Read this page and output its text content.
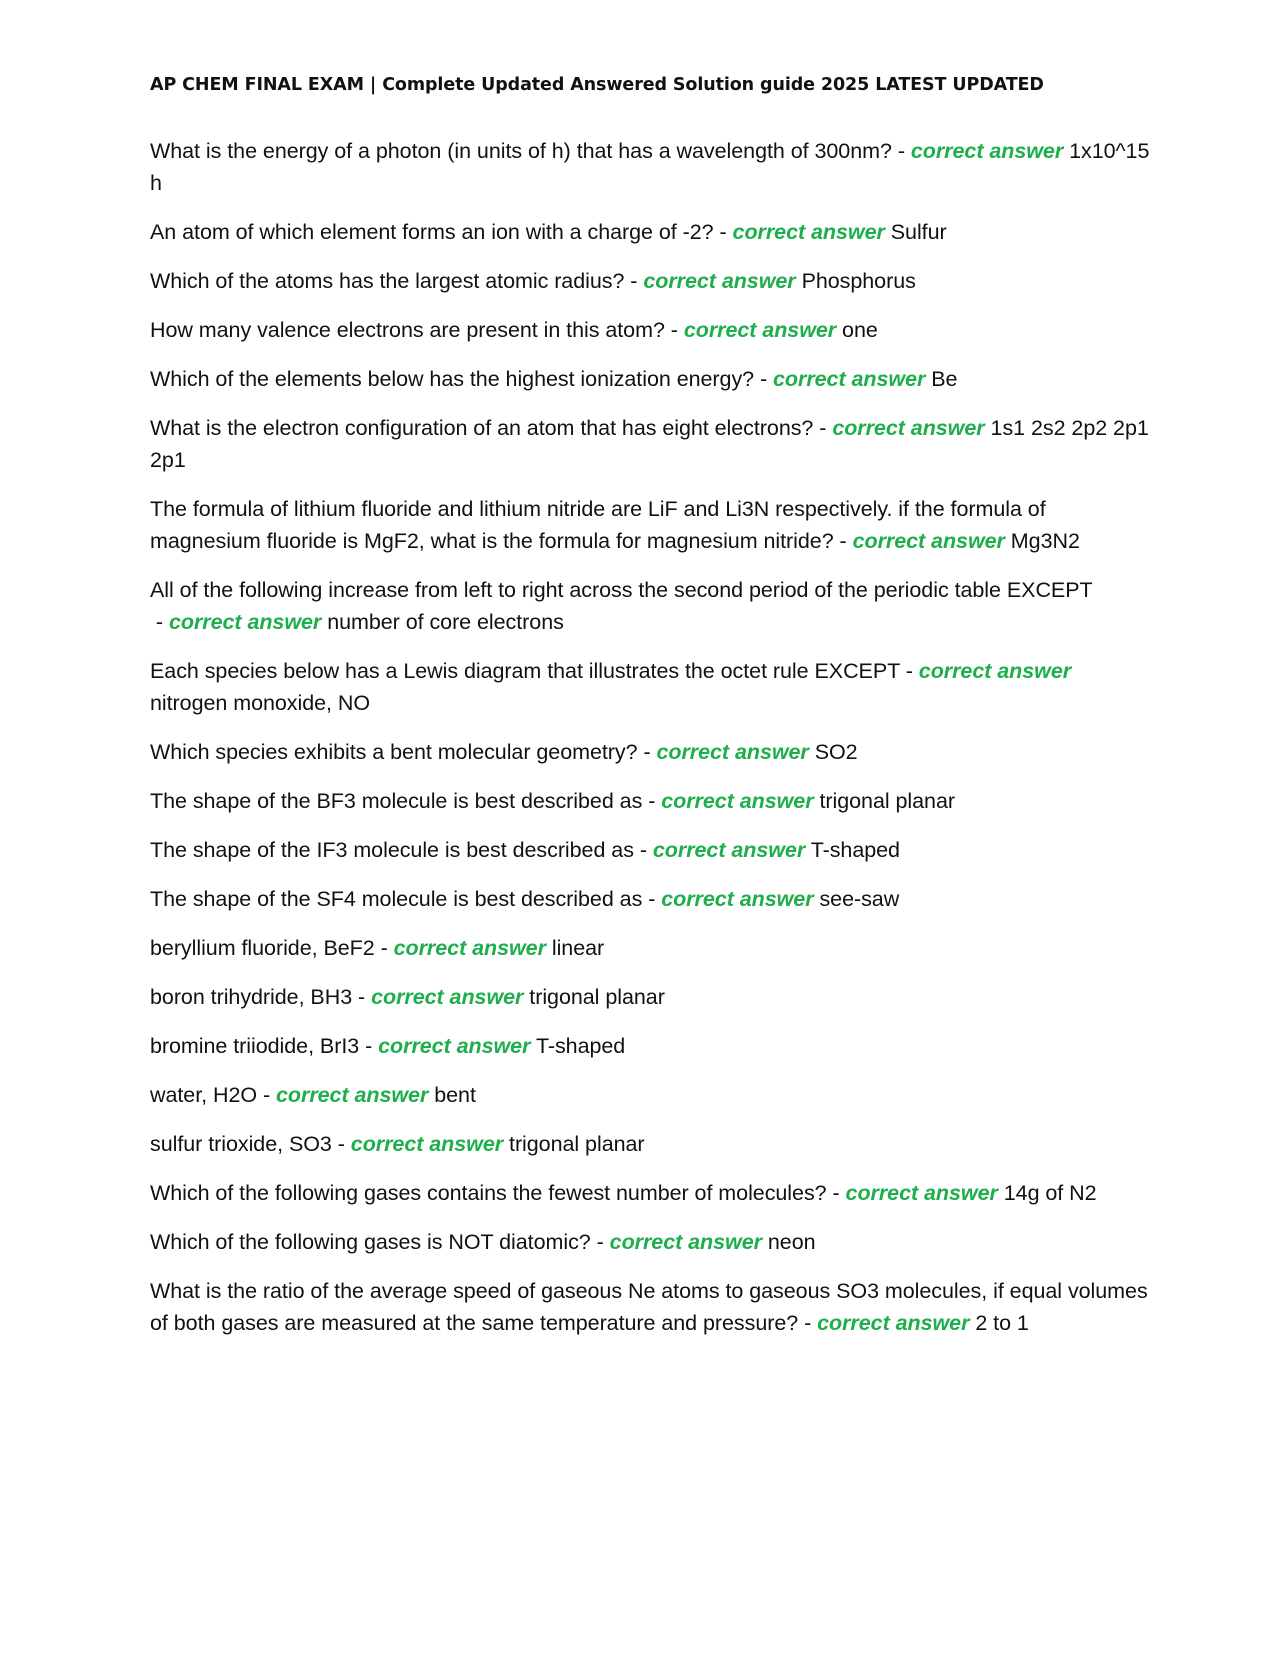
AP CHEM FINAL EXAM | Complete Updated Answered Solution guide 2025 LATEST UPDATED

What is the energy of a photon (in units of h) that has a wavelength of 300nm? - correct answer 1x10^15 h

An atom of which element forms an ion with a charge of -2? - correct answer Sulfur

Which of the atoms has the largest atomic radius? - correct answer Phosphorus

How many valence electrons are present in this atom? - correct answer one

Which of the elements below has the highest ionization energy? - correct answer Be

What is the electron configuration of an atom that has eight electrons? - correct answer 1s1 2s2 2p2 2p1 2p1

The formula of lithium fluoride and lithium nitride are LiF and Li3N respectively. if the formula of magnesium fluoride is MgF2, what is the formula for magnesium nitride? - correct answer Mg3N2

All of the following increase from left to right across the second period of the periodic table EXCEPT - correct answer number of core electrons

Each species below has a Lewis diagram that illustrates the octet rule EXCEPT - correct answer nitrogen monoxide, NO

Which species exhibits a bent molecular geometry? - correct answer SO2

The shape of the BF3 molecule is best described as - correct answer trigonal planar

The shape of the IF3 molecule is best described as - correct answer T-shaped

The shape of the SF4 molecule is best described as - correct answer see-saw

beryllium fluoride, BeF2 - correct answer linear

boron trihydride, BH3 - correct answer trigonal planar

bromine triiodide, BrI3 - correct answer T-shaped

water, H2O - correct answer bent

sulfur trioxide, SO3 - correct answer trigonal planar

Which of the following gases contains the fewest number of molecules? - correct answer 14g of N2

Which of the following gases is NOT diatomic? - correct answer neon

What is the ratio of the average speed of gaseous Ne atoms to gaseous SO3 molecules, if equal volumes of both gases are measured at the same temperature and pressure? - correct answer 2 to 1
